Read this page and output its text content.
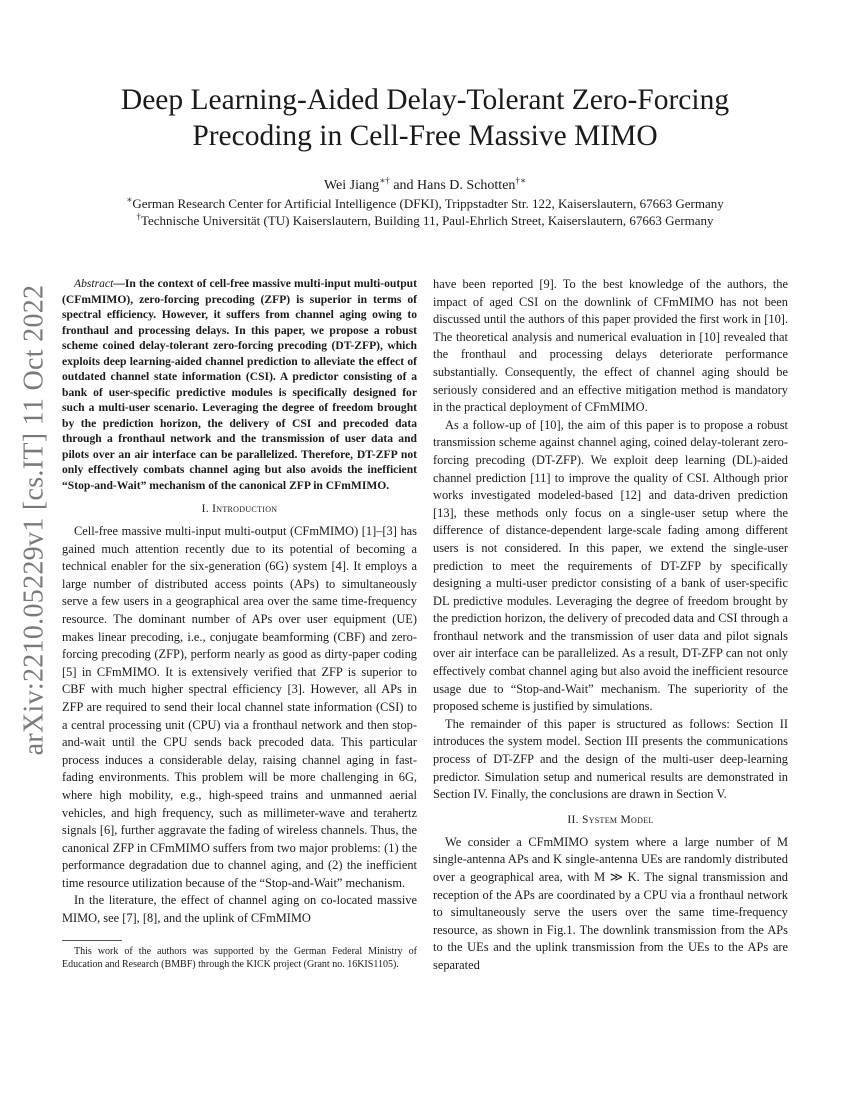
Deep Learning-Aided Delay-Tolerant Zero-Forcing
Precoding in Cell-Free Massive MIMO
Wei Jiang∗† and Hans D. Schotten†∗
∗German Research Center for Artificial Intelligence (DFKI), Trippstadter Str. 122, Kaiserslautern, 67663 Germany
†Technische Universität (TU) Kaiserslautern, Building 11, Paul-Ehrlich Street, Kaiserslautern, 67663 Germany
arXiv:2210.05229v1 [cs.IT] 11 Oct 2022

Abstract—In the context of cell-free massive multi-input multi-output (CFmMIMO), zero-forcing precoding (ZFP) is superior in terms of spectral efficiency. However, it suffers from channel aging owing to fronthaul and processing delays. In this paper, we propose a robust scheme coined delay-tolerant zero-forcing precoding (DT-ZFP), which exploits deep learning-aided channel prediction to alleviate the effect of outdated channel state information (CSI). A predictor consisting of a bank of user-specific predictive modules is specifically designed for such a multi-user scenario. Leveraging the degree of freedom brought by the prediction horizon, the delivery of CSI and precoded data through a fronthaul network and the transmission of user data and pilots over an air interface can be parallelized. Therefore, DT-ZFP not only effectively combats channel aging but also avoids the inefficient “Stop-and-Wait” mechanism of the canonical ZFP in CFmMIMO.

I. Introduction

Cell-free massive multi-input multi-output (CFmMIMO) [1]–[3] has gained much attention recently due to its potential of becoming a technical enabler for the six-generation (6G) system [4]. It employs a large number of distributed access points (APs) to simultaneously serve a few users in a geographical area over the same time-frequency resource. The dominant number of APs over user equipment (UE) makes linear precoding, i.e., conjugate beamforming (CBF) and zero-forcing precoding (ZFP), perform nearly as good as dirty-paper coding [5] in CFmMIMO. It is extensively verified that ZFP is superior to CBF with much higher spectral efficiency [3]. However, all APs in ZFP are required to send their local channel state information (CSI) to a central processing unit (CPU) via a fronthaul network and then stop-and-wait until the CPU sends back precoded data. This particular process induces a considerable delay, raising channel aging in fast-fading environments. This problem will be more challenging in 6G, where high mobility, e.g., high-speed trains and unmanned aerial vehicles, and high frequency, such as millimeter-wave and terahertz signals [6], further aggravate the fading of wireless channels. Thus, the canonical ZFP in CFmMIMO suffers from two major problems: (1) the performance degradation due to channel aging, and (2) the inefficient time resource utilization because of the “Stop-and-Wait” mechanism.

In the literature, the effect of channel aging on co-located massive MIMO, see [7], [8], and the uplink of CFmMIMO

This work of the authors was supported by the German Federal Ministry of Education and Research (BMBF) through the KICK project (Grant no. 16KIS1105).

have been reported [9]. To the best knowledge of the authors, the impact of aged CSI on the downlink of CFmMIMO has not been discussed until the authors of this paper provided the first work in [10]. The theoretical analysis and numerical evaluation in [10] revealed that the fronthaul and processing delays deteriorate performance substantially. Consequently, the effect of channel aging should be seriously considered and an effective mitigation method is mandatory in the practical deployment of CFmMIMO.

As a follow-up of [10], the aim of this paper is to propose a robust transmission scheme against channel aging, coined delay-tolerant zero-forcing precoding (DT-ZFP). We exploit deep learning (DL)-aided channel prediction [11] to improve the quality of CSI. Although prior works investigated modeled-based [12] and data-driven prediction [13], these methods only focus on a single-user setup where the difference of distance-dependent large-scale fading among different users is not considered. In this paper, we extend the single-user prediction to meet the requirements of DT-ZFP by specifically designing a multi-user predictor consisting of a bank of user-specific DL predictive modules. Leveraging the degree of freedom brought by the prediction horizon, the delivery of precoded data and CSI through a fronthaul network and the transmission of user data and pilot signals over air interface can be parallelized. As a result, DT-ZFP can not only effectively combat channel aging but also avoid the inefficient resource usage due to “Stop-and-Wait” mechanism. The superiority of the proposed scheme is justified by simulations.

The remainder of this paper is structured as follows: Section II introduces the system model. Section III presents the communications process of DT-ZFP and the design of the multi-user deep-learning predictor. Simulation setup and numerical results are demonstrated in Section IV. Finally, the conclusions are drawn in Section V.

II. System Model

We consider a CFmMIMO system where a large number of M single-antenna APs and K single-antenna UEs are randomly distributed over a geographical area, with M ≫ K. The signal transmission and reception of the APs are coordinated by a CPU via a fronthaul network to simultaneously serve the users over the same time-frequency resource, as shown in Fig.1. The downlink transmission from the APs to the UEs and the uplink transmission from the UEs to the APs are separated
